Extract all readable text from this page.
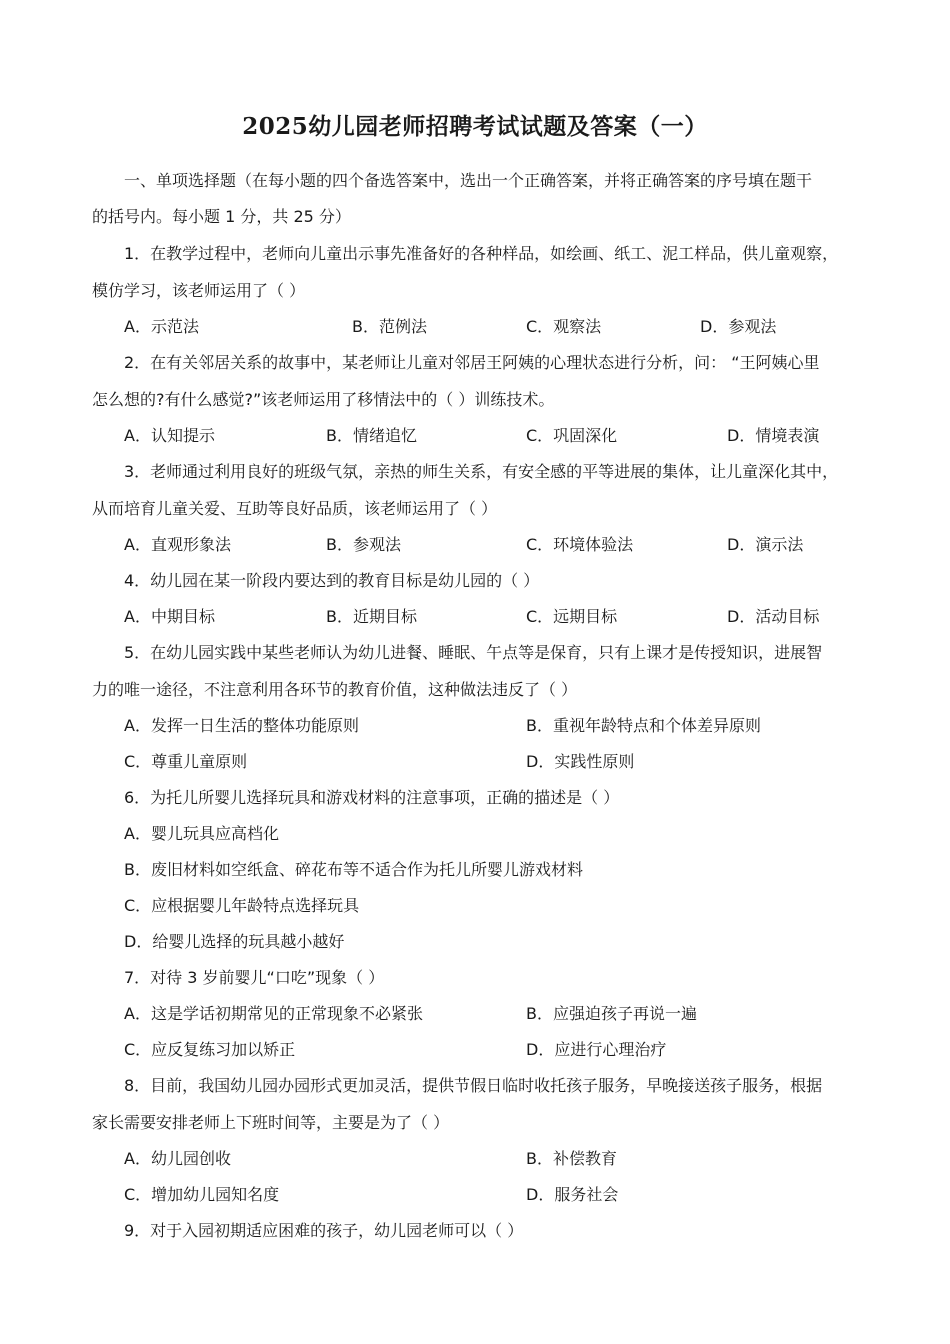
2025幼儿园老师招聘考试试题及答案（一）
一、单项选择题（在每小题的四个备选答案中，选出一个正确答案，并将正确答案的序号填在题干
的括号内。每小题 1 分，共 25 分）
1．在教学过程中，老师向儿童出示事先准备好的各种样品，如绘画、纸工、泥工样品，供儿童观察，
模仿学习，该老师运用了（ ）
A．示范法	B．范例法	C．观察法	D．参观法
2．在有关邻居关系的故事中，某老师让儿童对邻居王阿姨的心理状态进行分析，问： “王阿姨心里
怎么想的?有什么感觉?”该老师运用了移情法中的（ ）训练技术。
A．认知提示	B．情绪追忆	C．巩固深化	D．情境表演
3．老师通过利用良好的班级气氛，亲热的师生关系，有安全感的平等进展的集体，让儿童深化其中，
从而培育儿童关爱、互助等良好品质，该老师运用了（ ）
A．直观形象法	B．参观法	C．环境体验法	D．演示法
4．幼儿园在某一阶段内要达到的教育目标是幼儿园的（ ）
A．中期目标	B．近期目标	C．远期目标	D．活动目标
5．在幼儿园实践中某些老师认为幼儿进餐、睡眠、午点等是保育，只有上课才是传授知识，进展智
力的唯一途径，不注意利用各环节的教育价值，这种做法违反了（ ）
A．发挥一日生活的整体功能原则	B．重视年龄特点和个体差异原则
C．尊重儿童原则	D．实践性原则
6．为托儿所婴儿选择玩具和游戏材料的注意事项，正确的描述是（ ）
A．婴儿玩具应高档化
B．废旧材料如空纸盒、碎花布等不适合作为托儿所婴儿游戏材料
C．应根据婴儿年龄特点选择玩具
D．给婴儿选择的玩具越小越好
7．对待 3 岁前婴儿“口吃”现象（ ）
A．这是学话初期常见的正常现象不必紧张	B．应强迫孩子再说一遍
C．应反复练习加以矫正	D．应进行心理治疗
8．目前，我国幼儿园办园形式更加灵活，提供节假日临时收托孩子服务，早晚接送孩子服务，根据
家长需要安排老师上下班时间等，主要是为了（ ）
A．幼儿园创收	B．补偿教育
C．增加幼儿园知名度	D．服务社会
9．对于入园初期适应困难的孩子，幼儿园老师可以（ ）
